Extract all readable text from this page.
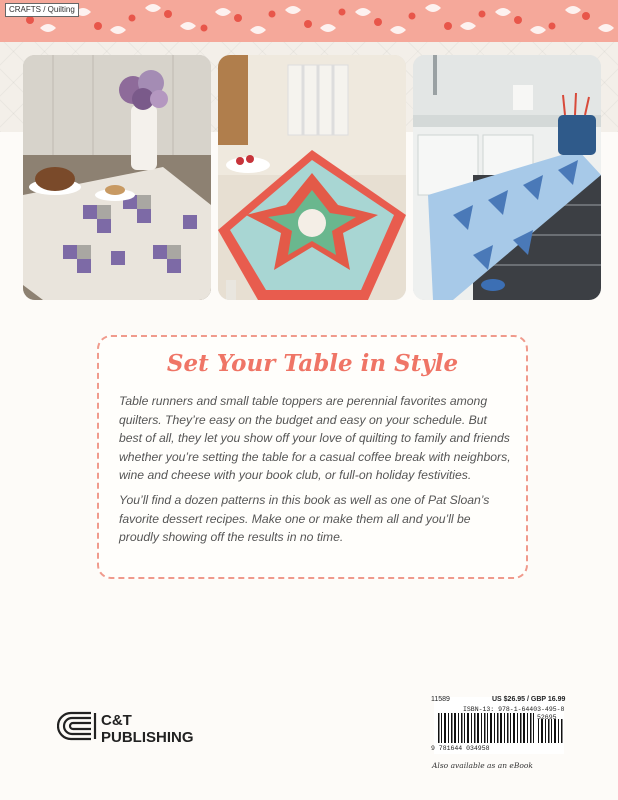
CRAFTS / Quilting
Set Your Table in Style

Table runners and small table toppers are perennial favorites among quilters. They’re easy on the budget and easy on your schedule. But best of all, they let you show off your love of quilting to family and friends whether you’re setting the table for a casual coffee break with neighbors, wine and cheese with your book club, or full-on holiday festivities.

You’ll find a dozen patterns in this book as well as one of Pat Sloan’s favorite dessert recipes. Make one or make them all and you’ll be proudly showing off the results in no time.

C&T
PUBLISHING
11589	US $26.95 / GBP 16.99
ISBN-13: 978-1-64403-495-8
52695
9 781644 034958
Also available as an eBook
